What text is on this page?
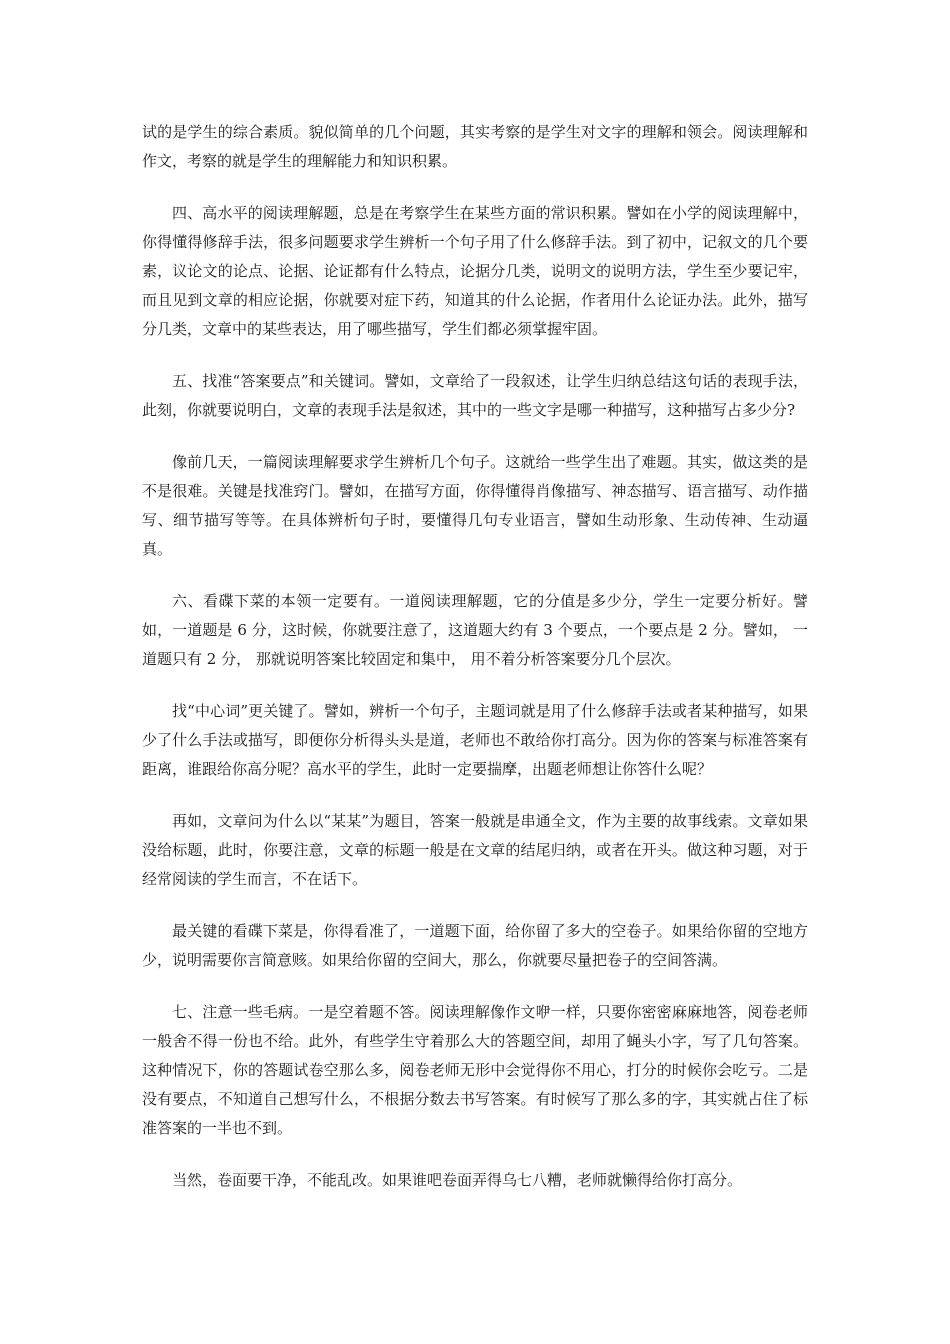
试的是学生的综合素质。貌似简单的几个问题，其实考察的是学生对文字的理解和领会。阅读理解和作文，考察的就是学生的理解能力和知识积累。

四、高水平的阅读理解题，总是在考察学生在某些方面的常识积累。譬如在小学的阅读理解中，你得懂得修辞手法，很多问题要求学生辨析一个句子用了什么修辞手法。到了初中，记叙文的几个要素，议论文的论点、论据、论证都有什么特点，论据分几类，说明文的说明方法，学生至少要记牢，而且见到文章的相应论据，你就要对症下药，知道其的什么论据，作者用什么论证办法。此外，描写分几类，文章中的某些表达，用了哪些描写，学生们都必须掌握牢固。

五、找准“答案要点”和关键词。譬如，文章给了一段叙述，让学生归纳总结这句话的表现手法，此刻，你就要说明白，文章的表现手法是叙述，其中的一些文字是哪一种描写，这种描写占多少分?

像前几天，一篇阅读理解要求学生辨析几个句子。这就给一些学生出了难题。其实，做这类的是不是很难。关键是找准窍门。譬如，在描写方面，你得懂得肖像描写、神态描写、语言描写、动作描写、细节描写等等。在具体辨析句子时，要懂得几句专业语言，譬如生动形象、生动传神、生动逼真。

六、看碟下菜的本领一定要有。一道阅读理解题，它的分值是多少分，学生一定要分析好。譬如，一道题是 6 分，这时候，你就要注意了，这道题大约有 3 个要点，一个要点是 2 分。譬如， 一道题只有 2 分， 那就说明答案比较固定和集中， 用不着分析答案要分几个层次。

找“中心词”更关键了。譬如，辨析一个句子，主题词就是用了什么修辞手法或者某种描写，如果少了什么手法或描写，即便你分析得头头是道，老师也不敢给你打高分。因为你的答案与标准答案有距离，谁跟给你高分呢？高水平的学生，此时一定要揣摩，出题老师想让你答什么呢？

再如，文章问为什么以“某某”为题目，答案一般就是串通全文，作为主要的故事线索。文章如果没给标题，此时，你要注意，文章的标题一般是在文章的结尾归纳，或者在开头。做这种习题，对于经常阅读的学生而言，不在话下。

最关键的看碟下菜是，你得看准了，一道题下面，给你留了多大的空卷子。如果给你留的空地方少，说明需要你言简意赅。如果给你留的空间大，那么，你就要尽量把卷子的空间答满。

七、注意一些毛病。一是空着题不答。阅读理解像作文咿一样，只要你密密麻麻地答，阅卷老师一般舍不得一份也不给。此外，有些学生守着那么大的答题空间，却用了蝇头小字，写了几句答案。这种情况下，你的答题试卷空那么多，阅卷老师无形中会觉得你不用心，打分的时候你会吃亏。二是没有要点，不知道自己想写什么，不根据分数去书写答案。有时候写了那么多的字，其实就占住了标准答案的一半也不到。

当然，卷面要干净，不能乱改。如果谁吧卷面弄得乌七八糟，老师就懒得给你打高分。
